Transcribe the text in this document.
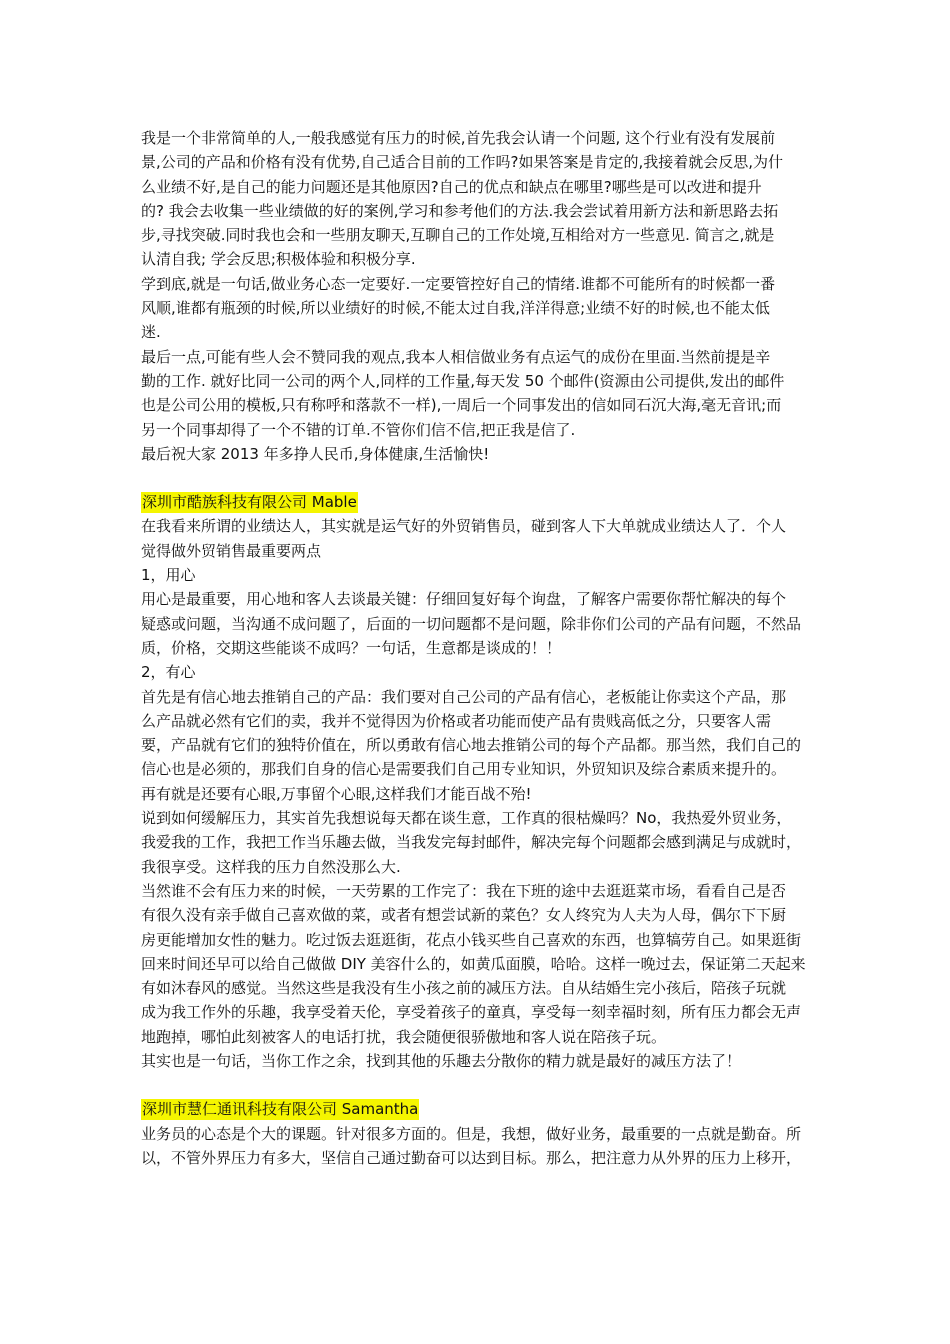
我是一个非常简单的人,一般我感觉有压力的时候,首先我会认请一个问题, 这个行业有没有发展前
景,公司的产品和价格有没有优势,自己适合目前的工作吗?如果答案是肯定的,我接着就会反思,为什
么业绩不好,是自己的能力问题还是其他原因?自己的优点和缺点在哪里?哪些是可以改进和提升
的? 我会去收集一些业绩做的好的案例,学习和参考他们的方法.我会尝试着用新方法和新思路去拓
步,寻找突破.同时我也会和一些朋友聊天,互聊自己的工作处境,互相给对方一些意见. 简言之,就是
认清自我; 学会反思;积极体验和积极分享.
学到底,就是一句话,做业务心态一定要好.一定要管控好自己的情绪.谁都不可能所有的时候都一番
风顺,谁都有瓶颈的时候,所以业绩好的时候,不能太过自我,洋洋得意;业绩不好的时候,也不能太低
迷.
最后一点,可能有些人会不赞同我的观点,我本人相信做业务有点运气的成份在里面.当然前提是辛
勤的工作. 就好比同一公司的两个人,同样的工作量,每天发 50 个邮件(资源由公司提供,发出的邮件
也是公司公用的模板,只有称呼和落款不一样),一周后一个同事发出的信如同石沉大海,毫无音讯;而
另一个同事却得了一个不错的订单.不管你们信不信,把正我是信了.
最后祝大家 2013 年多挣人民币,身体健康,生活愉快!
深圳市酷族科技有限公司 Mable
在我看来所谓的业绩达人，其实就是运气好的外贸销售员，碰到客人下大单就成业绩达人了．个人
觉得做外贸销售最重要两点
1，用心
用心是最重要，用心地和客人去谈最关键：仔细回复好每个询盘，了解客户需要你帮忙解决的每个
疑惑或问题，当沟通不成问题了，后面的一切问题都不是问题，除非你们公司的产品有问题，不然品
质，价格，交期这些能谈不成吗？一句话，生意都是谈成的！！
2，有心
首先是有信心地去推销自己的产品：我们要对自己公司的产品有信心，老板能让你卖这个产品，那
么产品就必然有它们的卖，我并不觉得因为价格或者功能而使产品有贵贱高低之分，只要客人需
要，产品就有它们的独特价值在，所以勇敢有信心地去推销公司的每个产品都。那当然，我们自己的
信心也是必须的，那我们自身的信心是需要我们自己用专业知识，外贸知识及综合素质来提升的。
再有就是还要有心眼,万事留个心眼,这样我们才能百战不殆!
说到如何缓解压力，其实首先我想说每天都在谈生意，工作真的很枯燥吗？No，我热爱外贸业务，
我爱我的工作，我把工作当乐趣去做，当我发完每封邮件，解决完每个问题都会感到满足与成就时，
我很享受。这样我的压力自然没那么大.
当然谁不会有压力来的时候，一天劳累的工作完了：我在下班的途中去逛逛菜市场，看看自己是否
有很久没有亲手做自己喜欢做的菜，或者有想尝试新的菜色？女人终究为人夫为人母，偶尔下下厨
房更能增加女性的魅力。吃过饭去逛逛街，花点小钱买些自己喜欢的东西，也算犒劳自己。如果逛街
回来时间还早可以给自己做做 DIY 美容什么的，如黄瓜面膜，哈哈。这样一晚过去，保证第二天起来
有如沐春风的感觉。当然这些是我没有生小孩之前的减压方法。自从结婚生完小孩后，陪孩子玩就
成为我工作外的乐趣，我享受着天伦，享受着孩子的童真，享受每一刻幸福时刻，所有压力都会无声
地跑掉，哪怕此刻被客人的电话打扰，我会随便很骄傲地和客人说在陪孩子玩。
其实也是一句话，当你工作之余，找到其他的乐趣去分散你的精力就是最好的减压方法了！
深圳市慧仁通讯科技有限公司 Samantha
业务员的心态是个大的课题。针对很多方面的。但是，我想，做好业务，最重要的一点就是勤奋。所
以，不管外界压力有多大，坚信自己通过勤奋可以达到目标。那么，把注意力从外界的压力上移开，
